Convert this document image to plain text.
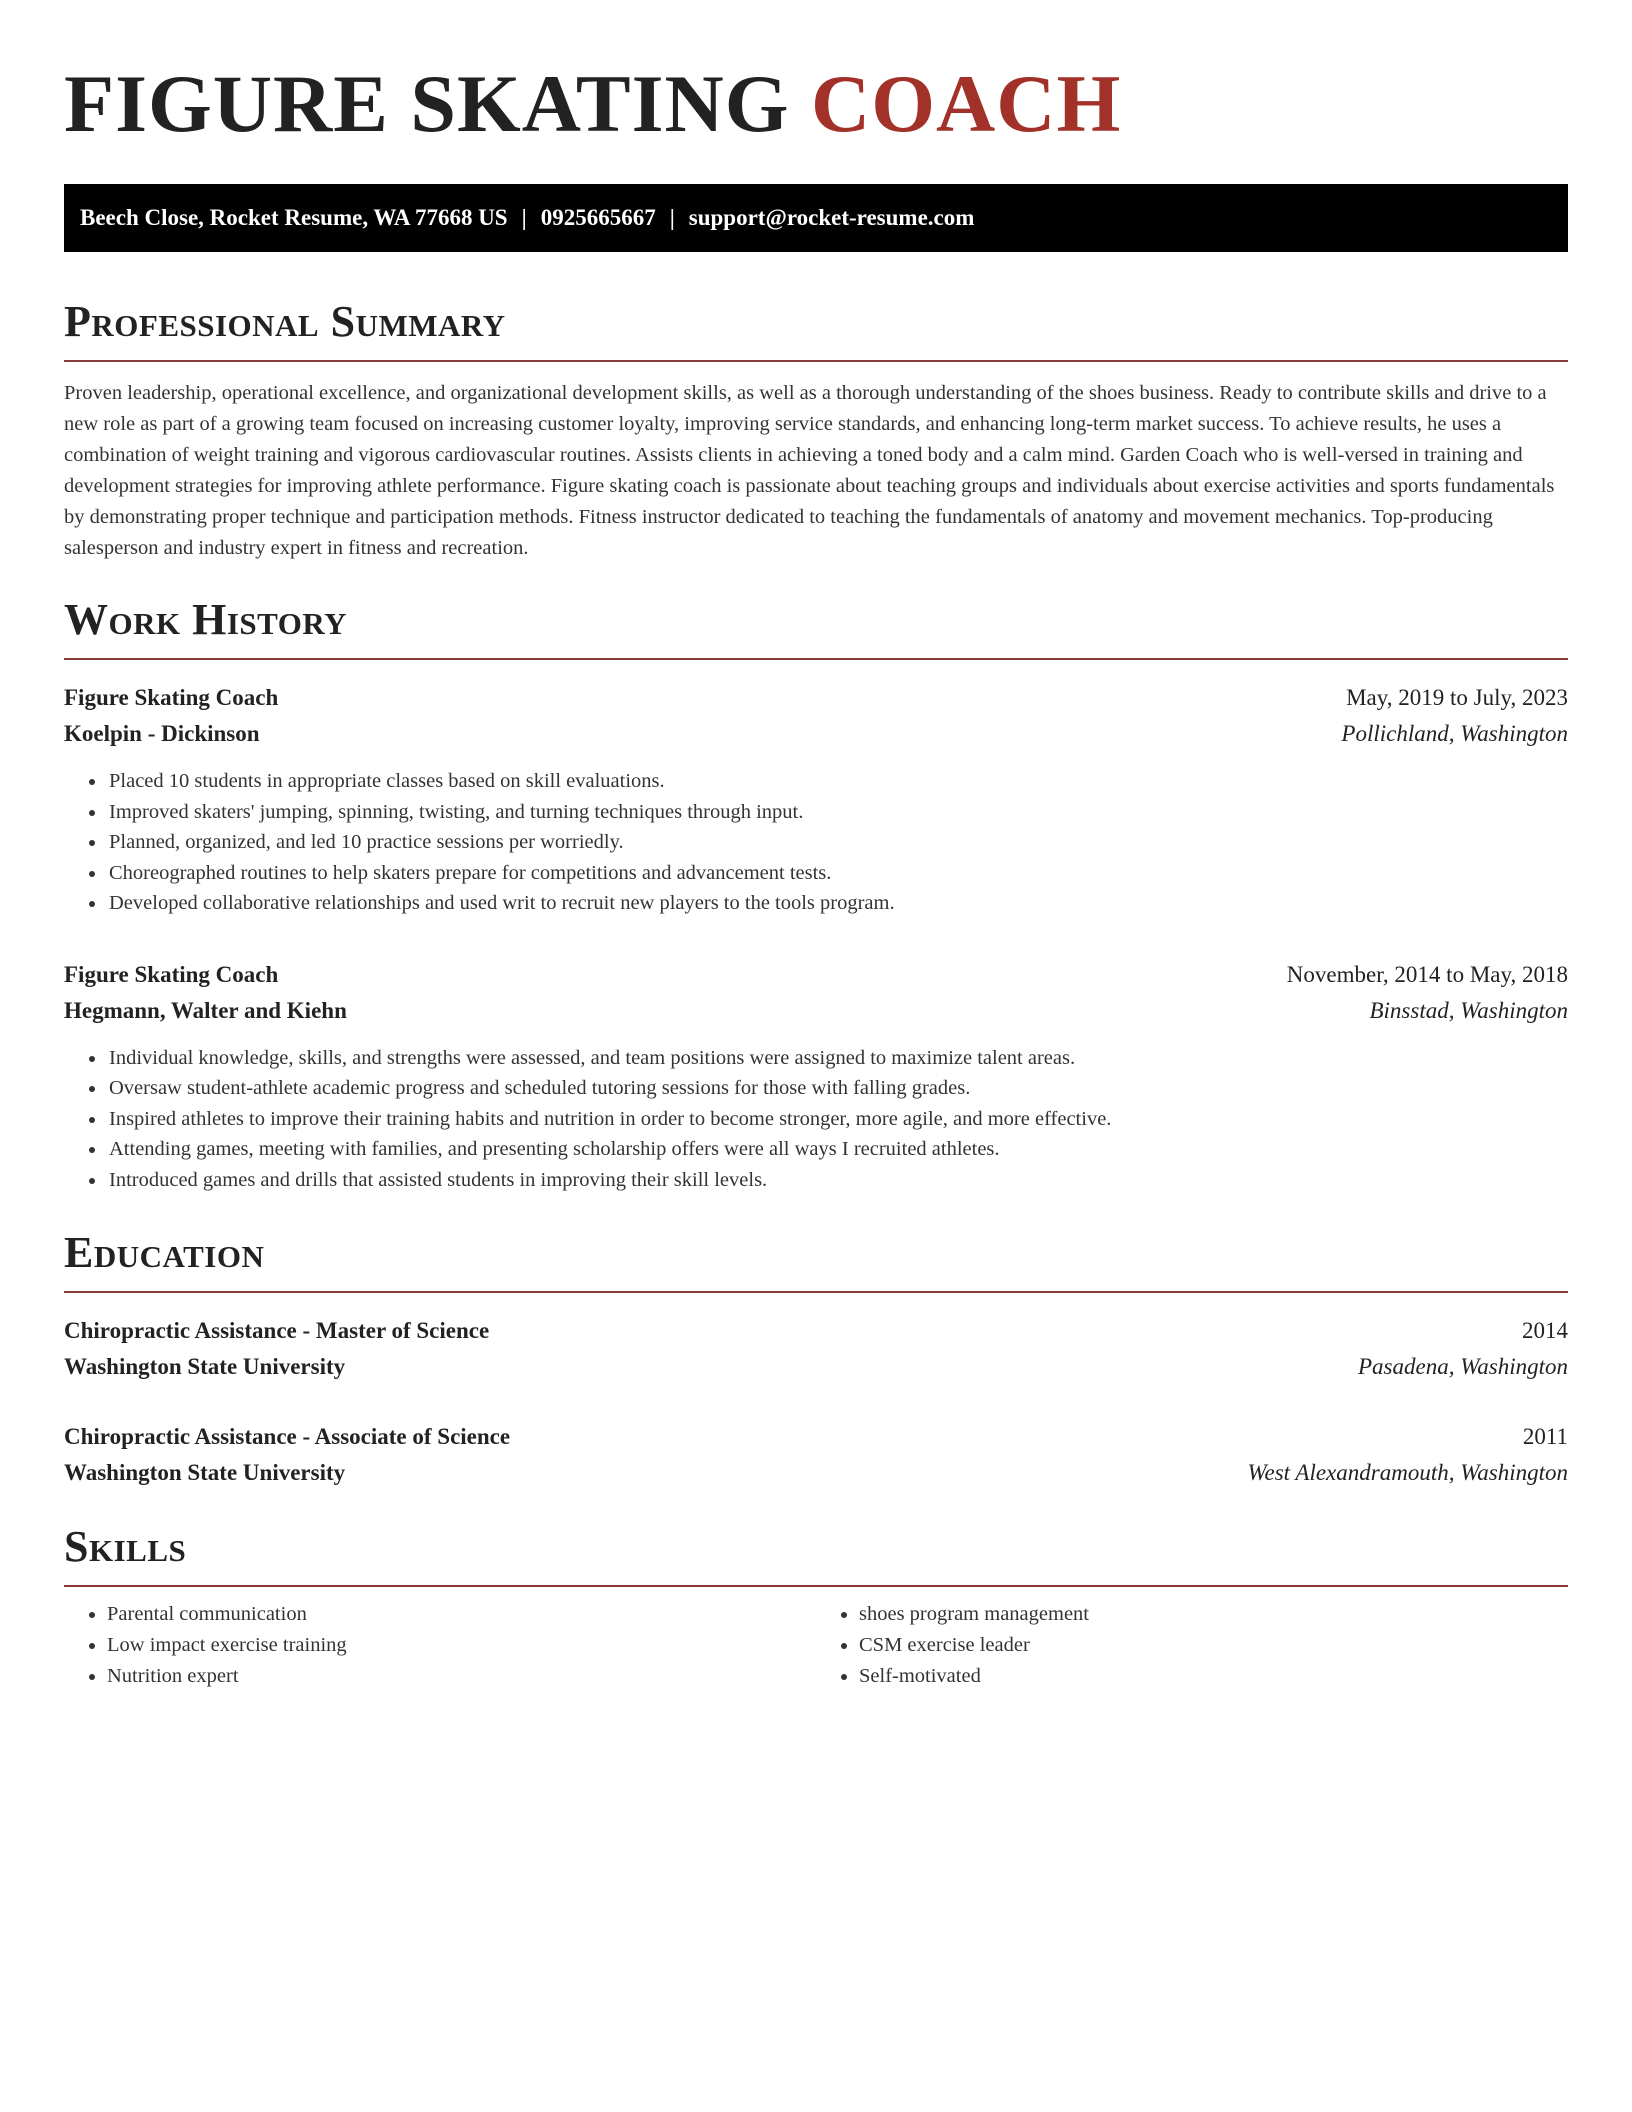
FIGURE SKATING COACH
Beech Close, Rocket Resume, WA 77668 US | 0925665667 | support@rocket-resume.com
Professional Summary

Proven leadership, operational excellence, and organizational development skills, as well as a thorough understanding of the shoes business. Ready to contribute skills and drive to a new role as part of a growing team focused on increasing customer loyalty, improving service standards, and enhancing long-term market success. To achieve results, he uses a combination of weight training and vigorous cardiovascular routines. Assists clients in achieving a toned body and a calm mind. Garden Coach who is well-versed in training and development strategies for improving athlete performance. Figure skating coach is passionate about teaching groups and individuals about exercise activities and sports fundamentals by demonstrating proper technique and participation methods. Fitness instructor dedicated to teaching the fundamentals of anatomy and movement mechanics. Top-producing salesperson and industry expert in fitness and recreation.

Work History
Figure Skating Coach	May, 2019 to July, 2023
Koelpin - Dickinson	Pollichland, Washington
• Placed 10 students in appropriate classes based on skill evaluations.
• Improved skaters' jumping, spinning, twisting, and turning techniques through input.
• Planned, organized, and led 10 practice sessions per worriedly.
• Choreographed routines to help skaters prepare for competitions and advancement tests.
• Developed collaborative relationships and used writ to recruit new players to the tools program.
Figure Skating Coach	November, 2014 to May, 2018
Hegmann, Walter and Kiehn	Binsstad, Washington
• Individual knowledge, skills, and strengths were assessed, and team positions were assigned to maximize talent areas.
• Oversaw student-athlete academic progress and scheduled tutoring sessions for those with falling grades.
• Inspired athletes to improve their training habits and nutrition in order to become stronger, more agile, and more effective.
• Attending games, meeting with families, and presenting scholarship offers were all ways I recruited athletes.
• Introduced games and drills that assisted students in improving their skill levels.
Education
Chiropractic Assistance - Master of Science	2014
Washington State University	Pasadena, Washington
Chiropractic Assistance - Associate of Science	2011
Washington State University	West Alexandramouth, Washington
Skills
• Parental communication
• Low impact exercise training
• Nutrition expert
• shoes program management
• CSM exercise leader
• Self-motivated
